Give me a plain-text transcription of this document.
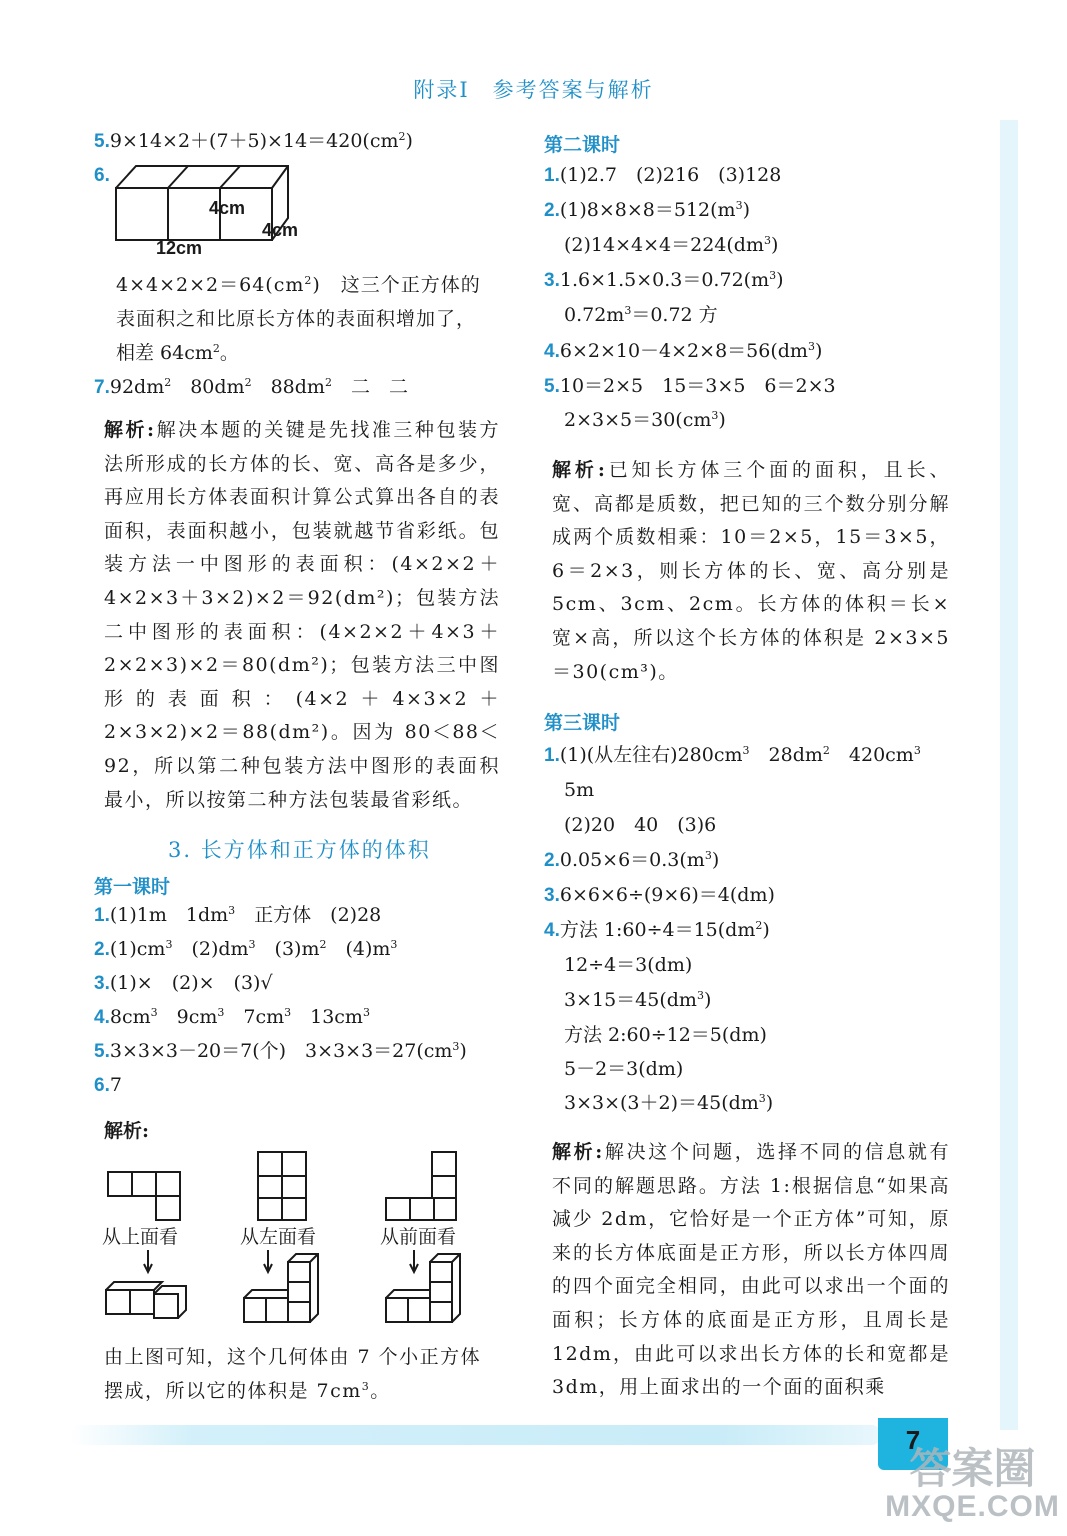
7
答案圈
MXQE.COM
附录Ⅰ　参考答案与解析
$5.9\times 14\times 2+(7+5)\times 14=420(cm^2)$
6.
4cm
4cm
12cm
$4\times 4\times 2\times 2=64(cm^2)$　这三个正方体的
表面积之和比原长方体的表面积增加了，
相差 $64cm^2$。
$7.92dm^2$　$80dm^2$　$88dm^2$　二　二
解析:解决本题的关键是先找准三种包装方法所形成的长方体的长、宽、高各是多少，再应用长方体表面积计算公式算出各自的表面积，表面积越小，包装就越节省彩纸。包装方法一中图形的表面积：(4×2×2＋4×2×3＋3×2)×2＝92(dm²)；包装方法二中图形的表面积：(4×2×2＋4×3＋2×2×3)×2＝80(dm²)；包装方法三中图形的表面积：(4×2＋4×3×2＋2×3×2)×2＝88(dm²)。因为 80＜88＜92，所以第二种包装方法中图形的表面积最小，所以按第二种方法包装最省彩纸。
3. 长方体和正方体的体积
第一课时
1.(1)1m　$1dm^3$　正方体　(2)28
$2.(1)cm^3$　$(2)dm^3$　$(3)m^2$　$(4)m^3$
3.(1)×　(2)×　(3)√
$4.8cm^3$　$9cm^3$　$7cm^3$　$13cm^3$
5.3×3×3－20＝7(个)　$3\times 3\times 3=27(cm^3)$
6.7
解析:
从上面看	从左面看	从前面看
由上图可知，这个几何体由 7 个小正方体
摆成，所以它的体积是 $7cm^3$。
第二课时
1.(1)2.7　(2)216　(3)128
$2.(1)8\times 8\times 8=512(m^3)$
$(2)14\times 4\times 4=224(dm^3)$
$3.1.6\times 1.5\times 0.3=0.72(m^3)$
$0.72m^3=0.72$ 方
$4.6\times 2\times 10-4\times 2\times 8=56(dm^3)$
5.10＝2×5　15＝3×5　6＝2×3
$2\times 3\times 5=30(cm^3)$
解析:已知长方体三个面的面积，且长、宽、高都是质数，把已知的三个数分别分解成两个质数相乘：10＝2×5，15＝3×5，6＝2×3，则长方体的长、宽、高分别是 5cm、3cm、2cm。长方体的体积＝长×宽×高，所以这个长方体的体积是 2×3×5＝30(cm³)。
第三课时
1.(1)(从左往右)$280cm^3$　$28dm^2$　$420cm^3$
5m
(2)20　40　(3)6
$2.0.05\times 6=0.3(m^3)$
3.6×6×6÷(9×6)＝4(dm)
4.方法 $1:60\div 4=15(dm^2)$
12÷4＝3(dm)
$3\times 15=45(dm^3)$
方法 2:60÷12＝5(dm)
5－2＝3(dm)
$3\times 3\times(3+2)=45(dm^3)$
解析:解决这个问题，选择不同的信息就有不同的解题思路。方法 1:根据信息“如果高减少 2dm，它恰好是一个正方体”可知，原来的长方体底面是正方形，所以长方体四周的四个面完全相同，由此可以求出一个面的面积；长方体的底面是正方形，且周长是 12dm，由此可以求出长方体的长和宽都是 3dm，用上面求出的一个面的面积乘
